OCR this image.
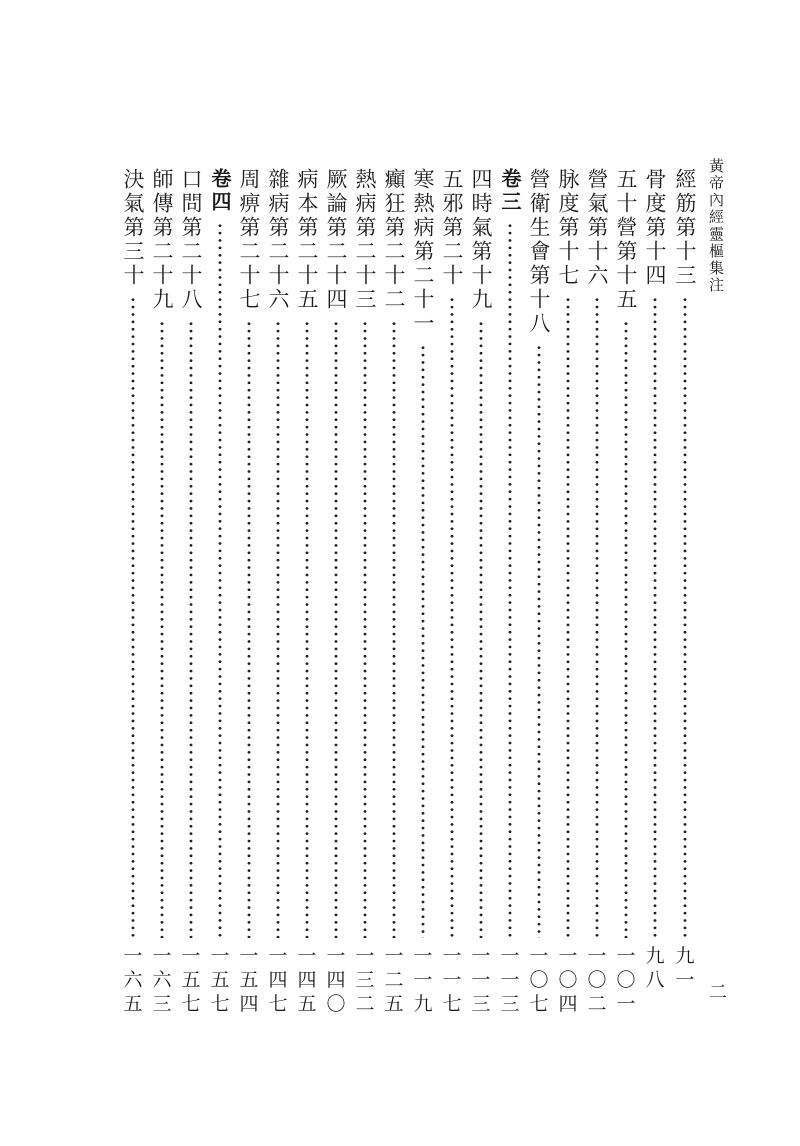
黃帝內經靈樞集注
二
經筋第十三
九
一
骨度第十四
九
八
五十營第十五
一
〇
一
營氣第十六
一
〇
二
脉度第十七
一
〇
四
營衛生會第十八
一
〇
七
卷三
一
一
三
四時氣第十九
一
一
三
五邪第二十
一
一
七
寒熱病第二十一
一
一
九
癲狂第二十二
一
二
五
熱病第二十三
一
三
二
厥論第二十四
一
四
〇
病本第二十五
一
四
五
雜病第二十六
一
四
七
周痹第二十七
一
五
四
卷四
一
五
七
口問第二十八
一
五
七
師傳第二十九
一
六
三
決氣第三十
一
六
五
